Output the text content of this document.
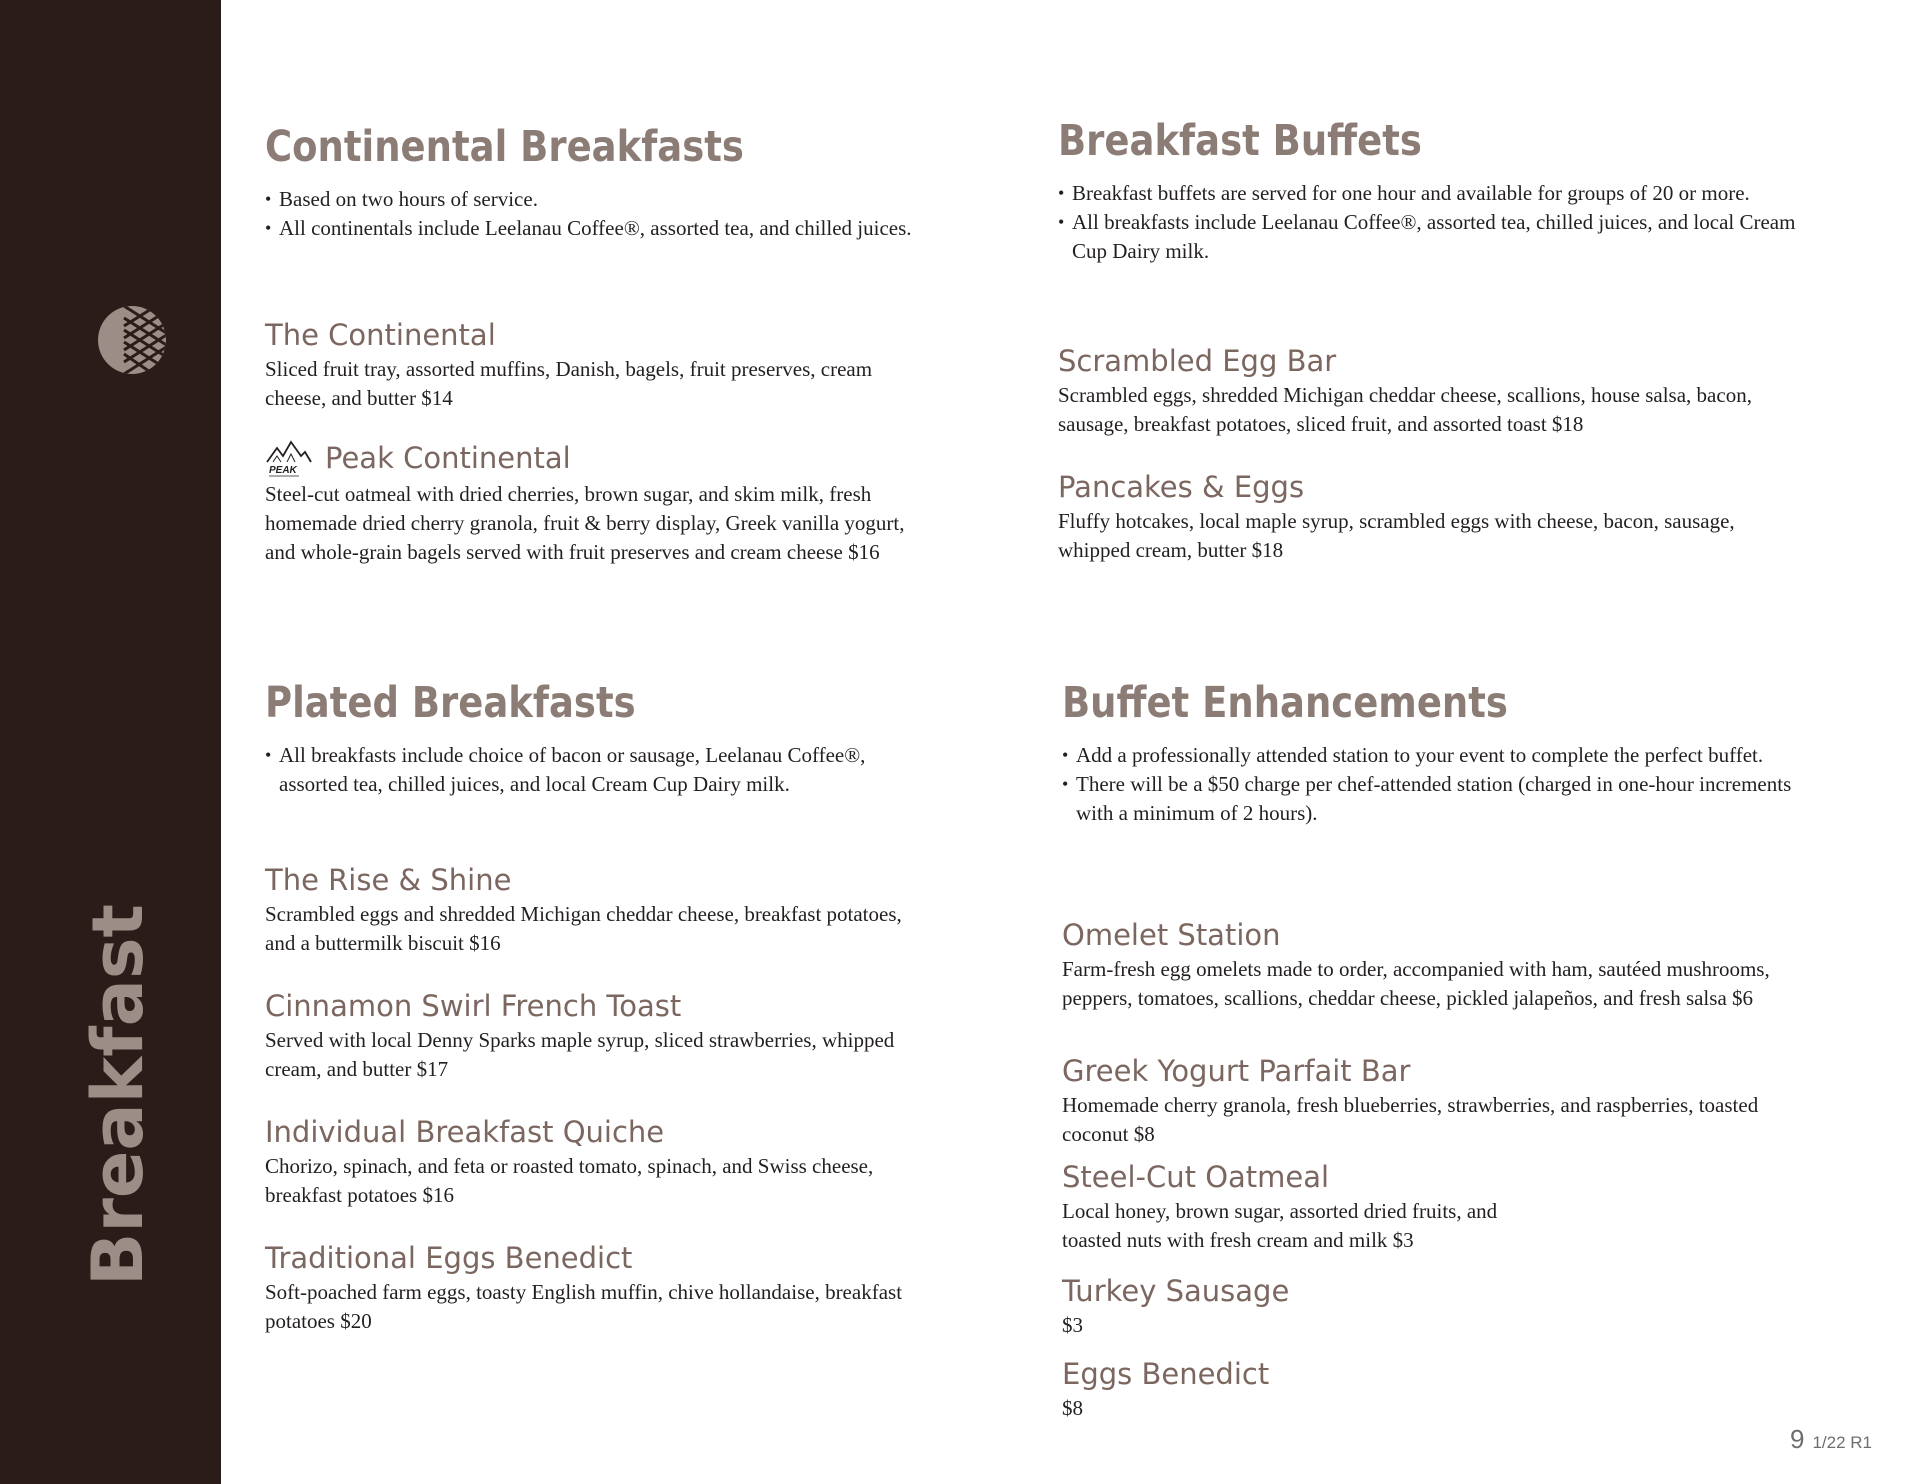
Breakfast
Continental Breakfasts
• Based on two hours of service.
• All continentals include Leelanau Coffee®, assorted tea, and chilled juices.
The Continental
Sliced fruit tray, assorted muffins, Danish, bagels, fruit preserves, cream cheese, and butter $14
PEAK Peak Continental
Steel-cut oatmeal with dried cherries, brown sugar, and skim milk, fresh homemade dried cherry granola, fruit & berry display, Greek vanilla yogurt, and whole-grain bagels served with fruit preserves and cream cheese $16
Breakfast Buffets
• Breakfast buffets are served for one hour and available for groups of 20 or more.
• All breakfasts include Leelanau Coffee®, assorted tea, chilled juices, and local Cream Cup Dairy milk.
Scrambled Egg Bar
Scrambled eggs, shredded Michigan cheddar cheese, scallions, house salsa, bacon, sausage, breakfast potatoes, sliced fruit, and assorted toast $18
Pancakes & Eggs
Fluffy hotcakes, local maple syrup, scrambled eggs with cheese, bacon, sausage, whipped cream, butter $18
Plated Breakfasts
• All breakfasts include choice of bacon or sausage, Leelanau Coffee®, assorted tea, chilled juices, and local Cream Cup Dairy milk.
The Rise & Shine
Scrambled eggs and shredded Michigan cheddar cheese, breakfast potatoes, and a buttermilk biscuit $16
Cinnamon Swirl French Toast
Served with local Denny Sparks maple syrup, sliced strawberries, whipped cream, and butter $17
Individual Breakfast Quiche
Chorizo, spinach, and feta or roasted tomato, spinach, and Swiss cheese, breakfast potatoes $16
Traditional Eggs Benedict
Soft-poached farm eggs, toasty English muffin, chive hollandaise, breakfast potatoes $20
Buffet Enhancements
• Add a professionally attended station to your event to complete the perfect buffet.
• There will be a $50 charge per chef-attended station (charged in one-hour increments with a minimum of 2 hours).
Omelet Station
Farm-fresh egg omelets made to order, accompanied with ham, sautéed mushrooms, peppers, tomatoes, scallions, cheddar cheese, pickled jalapeños, and fresh salsa $6
Greek Yogurt Parfait Bar
Homemade cherry granola, fresh blueberries, strawberries, and raspberries, toasted coconut $8
Steel-Cut Oatmeal
Local honey, brown sugar, assorted dried fruits, and toasted nuts with fresh cream and milk $3
Turkey Sausage
$3
Eggs Benedict
$8
9 1/22 R1
